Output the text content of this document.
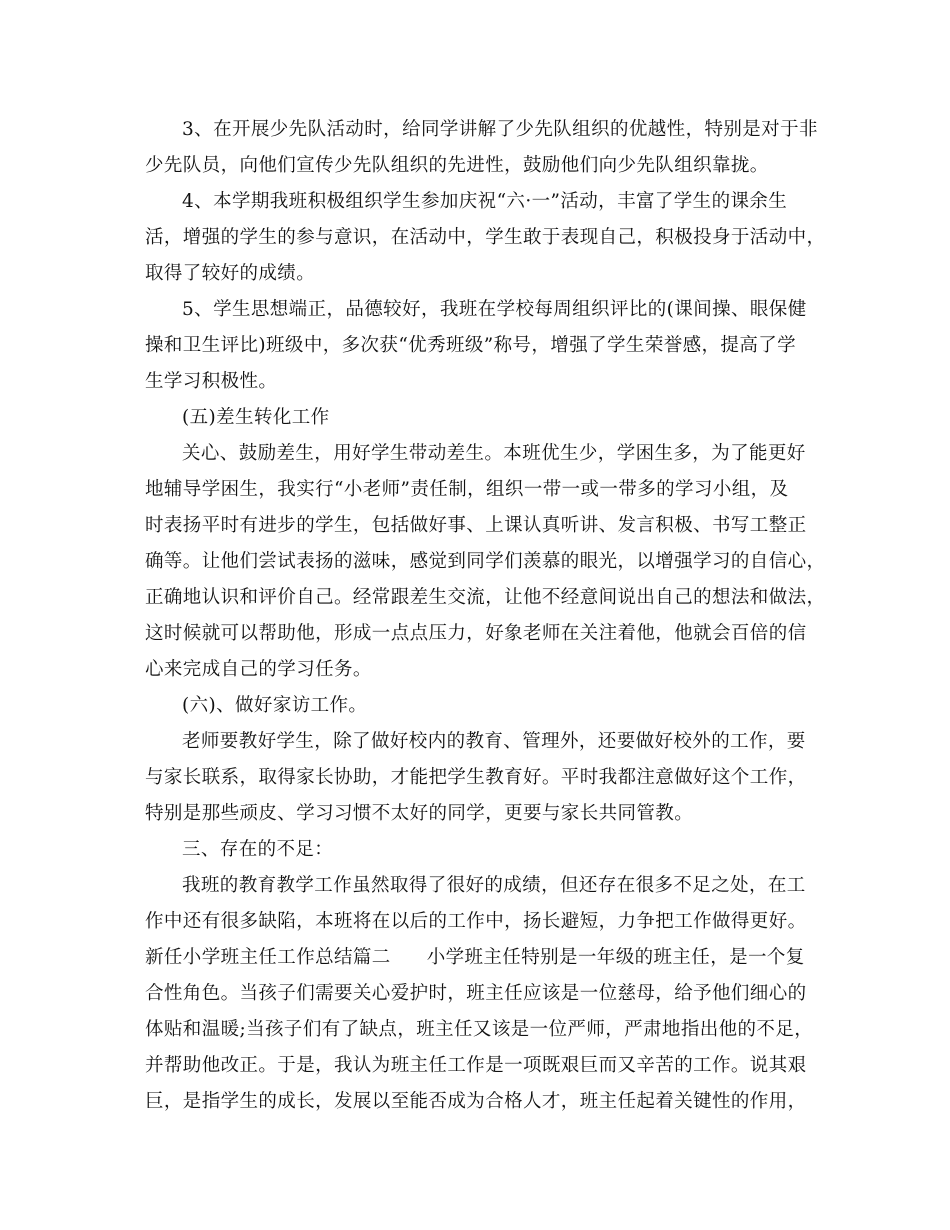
3、在开展少先队活动时，给同学讲解了少先队组织的优越性，特别是对于非
少先队员，向他们宣传少先队组织的先进性，鼓励他们向少先队组织靠拢。
4、本学期我班积极组织学生参加庆祝“六·一”活动，丰富了学生的课余生
活，增强的学生的参与意识，在活动中，学生敢于表现自己，积极投身于活动中，
取得了较好的成绩。
5、学生思想端正，品德较好，我班在学校每周组织评比的(课间操、眼保健
操和卫生评比)班级中，多次获“优秀班级”称号，增强了学生荣誉感，提高了学
生学习积极性。
(五)差生转化工作
关心、鼓励差生，用好学生带动差生。本班优生少，学困生多，为了能更好
地辅导学困生，我实行“小老师”责任制，组织一带一或一带多的学习小组，及
时表扬平时有进步的学生，包括做好事、上课认真听讲、发言积极、书写工整正
确等。让他们尝试表扬的滋味，感觉到同学们羡慕的眼光，以增强学习的自信心，
正确地认识和评价自己。经常跟差生交流，让他不经意间说出自己的想法和做法，
这时候就可以帮助他，形成一点点压力，好象老师在关注着他，他就会百倍的信
心来完成自己的学习任务。
(六)、做好家访工作。
老师要教好学生，除了做好校内的教育、管理外，还要做好校外的工作，要
与家长联系，取得家长协助，才能把学生教育好。平时我都注意做好这个工作，
特别是那些顽皮、学习习惯不太好的同学，更要与家长共同管教。
三、存在的不足：
我班的教育教学工作虽然取得了很好的成绩，但还存在很多不足之处，在工
作中还有很多缺陷，本班将在以后的工作中，扬长避短，力争把工作做得更好。
新任小学班主任工作总结篇二 小学班主任特别是一年级的班主任，是一个复
合性角色。当孩子们需要关心爱护时，班主任应该是一位慈母，给予他们细心的
体贴和温暖;当孩子们有了缺点，班主任又该是一位严师，严肃地指出他的不足，
并帮助他改正。于是，我认为班主任工作是一项既艰巨而又辛苦的工作。说其艰
巨，是指学生的成长，发展以至能否成为合格人才，班主任起着关键性的作用，
